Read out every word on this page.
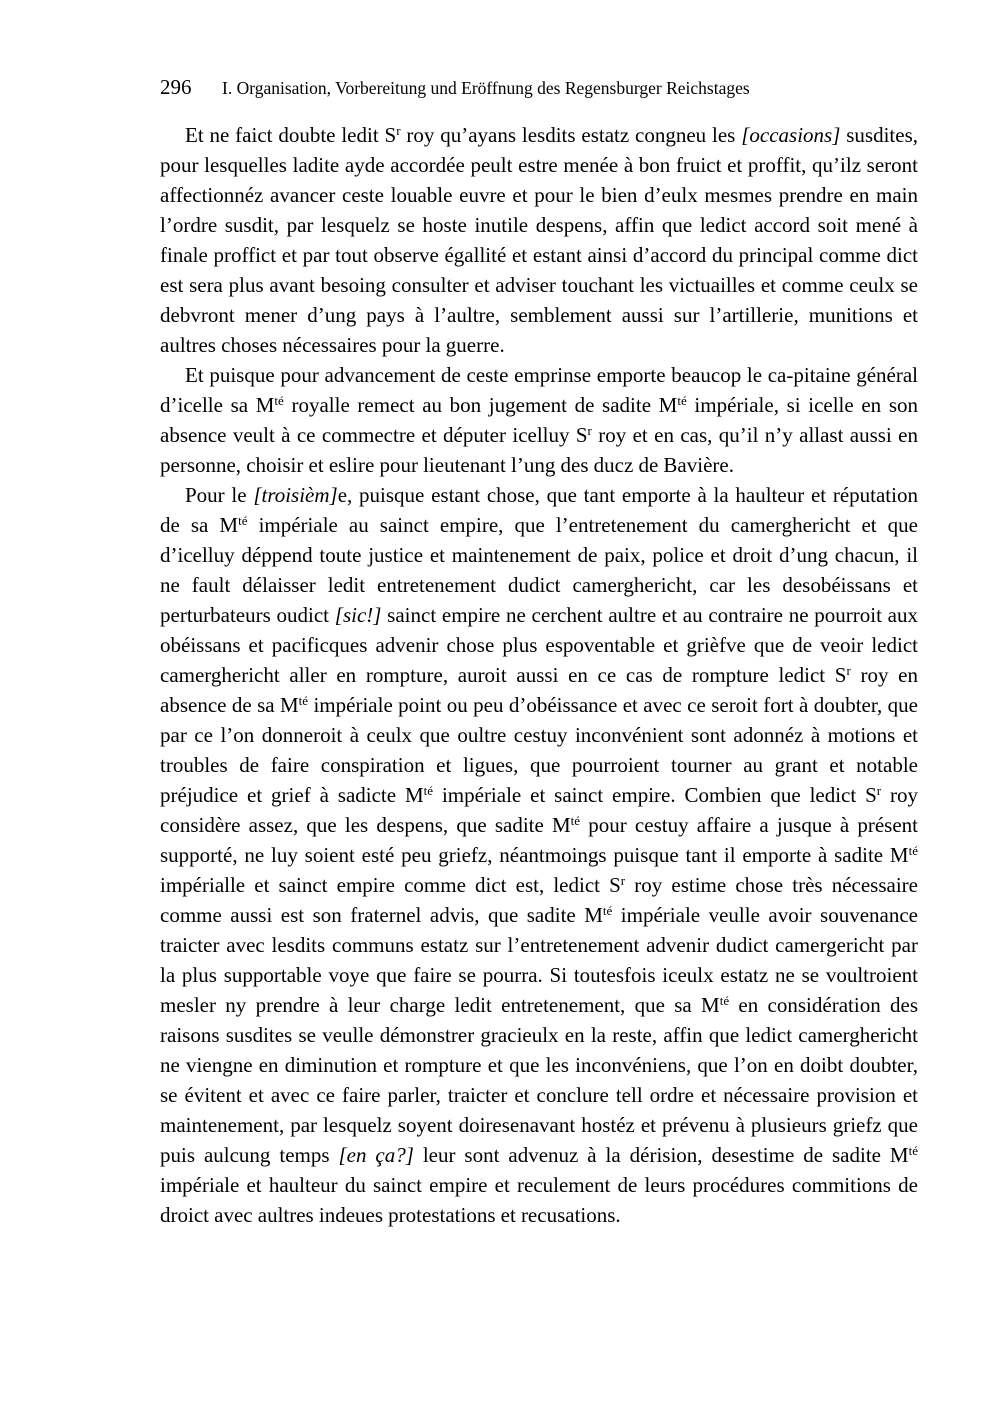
296 I. Organisation, Vorbereitung und Eröffnung des Regensburger Reichstages

Et ne faict doubte ledit $S^r$ roy qu’ayans lesdits estatz congneu les [occasions] susdites, pour lesquelles ladite ayde accordée peult estre menée à bon fruict et proffit, qu’ilz seront affectionnéz avancer ceste louable euvre et pour le bien d’eulx mesmes prendre en main l’ordre susdit, par lesquelz se hoste inutile despens, affin que ledict accord soit mené à finale proffict et par tout observe égallité et estant ainsi d’accord du principal comme dict est sera plus avant besoing consulter et adviser touchant les victuailles et comme ceulx se debvront mener d’ung pays à l’aultre, semblement aussi sur l’artillerie, munitions et aultres choses nécessaires pour la guerre.

Et puisque pour advancement de ceste emprinse emporte beaucop le ca-pitaine général d’icelle sa $M^{té}$ royalle remect au bon jugement de sadite $M^{té}$ impériale, si icelle en son absence veult à ce commectre et députer icelluy $S^r$ roy et en cas, qu’il n’y allast aussi en personne, choisir et eslire pour lieutenant l’ung des ducz de Bavière.

Pour le [troisièm]e, puisque estant chose, que tant emporte à la haulteur et réputation de sa $M^{té}$ impériale au sainct empire, que l’entretenement du camerghericht et que d’icelluy déppend toute justice et maintenement de paix, police et droit d’ung chacun, il ne fault délaisser ledit entretenement dudict camerghericht, car les desobéissans et perturbateurs oudict [sic!] sainct empire ne cerchent aultre et au contraire ne pourroit aux obéissans et pacificques advenir chose plus espoventable et grièfve que de veoir ledict camerghericht aller en rompture, auroit aussi en ce cas de rompture ledict $S^r$ roy en absence de sa $M^{té}$ impériale point ou peu d’obéissance et avec ce seroit fort à doubter, que par ce l’on donneroit à ceulx que oultre cestuy inconvénient sont adonnéz à motions et troubles de faire conspiration et ligues, que pourroient tourner au grant et notable préjudice et grief à sadicte $M^{té}$ impériale et sainct empire. Combien que ledict $S^r$ roy considère assez, que les despens, que sadite $M^{té}$ pour cestuy affaire a jusque à présent supporté, ne luy soient esté peu griefz, néantmoings puisque tant il emporte à sadite $M^{té}$ impérialle et sainct empire comme dict est, ledict $S^r$ roy estime chose très nécessaire comme aussi est son fraternel advis, que sadite $M^{té}$ impériale veulle avoir souvenance traicter avec lesdits communs estatz sur l’entretenement advenir dudict camergericht par la plus supportable voye que faire se pourra. Si toutesfois iceulx estatz ne se voultroient mesler ny prendre à leur charge ledit entretenement, que sa $M^{té}$ en considération des raisons susdites se veulle démonstrer gracieulx en la reste, affin que ledict camerghericht ne viengne en diminution et rompture et que les inconvéniens, que l’on en doibt doubter, se évitent et avec ce faire parler, traicter et conclure tell ordre et nécessaire provision et maintenement, par lesquelz soyent doiresenavant hostéz et prévenu à plusieurs griefz que puis aulcung temps [en ça?] leur sont advenuz à la dérision, desestime de sadite $M^{té}$ impériale et haulteur du sainct empire et reculement de leurs procédures commitions de droict avec aultres indeues protestations et recusations.
